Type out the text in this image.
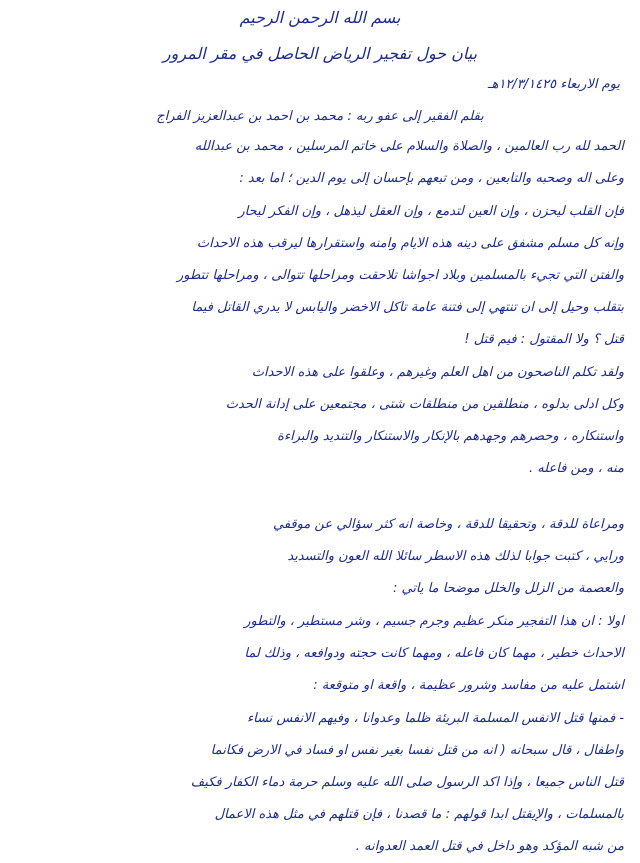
بسم الله الرحمن الرحيم

بيان حول تفجير الرياض الحاصل في مقر المرور

يوم الأربعاء ١٢/٣/١٤٢٥هـ

بقلم الفقير إلى عفو ربه : محمد بن أحمد بن عبدالعزيز الفراج

الحمد لله رب العالمين ، والصلاة والسلام على خاتم المرسلين ، محمد بن عبدالله

وعلى آله وصحبه والتابعين ، ومن تبعهم بإحسان إلى يوم الدين ؛ أما بعد :

فإن القلب ليحزن ، وإن العين لتدمع ، وإن العقل ليذهل ، وإن الفكر ليحار

وإنه كل مسلم مشفق على دينه هذه الأيام وأمنه واستقرارها ليرقب هذه الأحداث

والفتن التي تجيء بالمسلمين وبلاد أجواشا تلاحقت ومراحلها تتوالى ، ومراحلها تتطور

بتقلب وحيل إلى أن تنتهي إلى فتنة عامة تأكل الأخضر واليابس لا يدري القاتل فيما

قتل ؟ ولا المقتول : فيم قتل !

ولقد تكلم الناصحون من أهل العلم وغيرهم ، وعلقوا على هذه الأحداث

وكل أدلى بدلوه ، منطلقين من منطلقات شتى ، مجتمعين على إدانة الحدث

واستنكاره ، وحصرهم وجهدهم بالإنكار والاستنكار والتنديد والبراءة

منه ، ومن فاعله .

ومراعاة للدقة ، وتحقيقا للدقة ، وخاصة أنه كثر سؤالي عن موقفي

ورأيي ، كتبت جوابا لذلك هذه الأسطر سائلا الله العون والتسديد

والعصمة من الزلل والخلل موضحا ما يأتي :

أولا : أن هذا التفجير منكر عظيم وجرم جسيم ، وشر مستطير ، والتطور

الأحداث خطير ، مهما كان فاعله ، ومهما كانت حجته ودوافعه ، وذلك لما

اشتمل عليه من مفاسد وشرور عظيمة ، واقعة أو متوقعة :

- فمنها قتل الأنفس المسلمة البريئة ظلما وعدوانا ، وفيهم الأنفس نساء

وأطفال ، قال سبحانه ( أنه من قتل نفسا بغير نفس أو فساد في الأرض فكأنما

قتل الناس جميعا ، وإذا أكد الرسول صلى الله عليه وسلم حرمة دماء الكفار فكيف

بالمسلمات ، والإيقتل أبدا قولهم : ما قصدنا ، فإن قتلهم في مثل هذه الأعمال

من شبه المؤكد وهو داخل في قتل العمد العدوانه .
